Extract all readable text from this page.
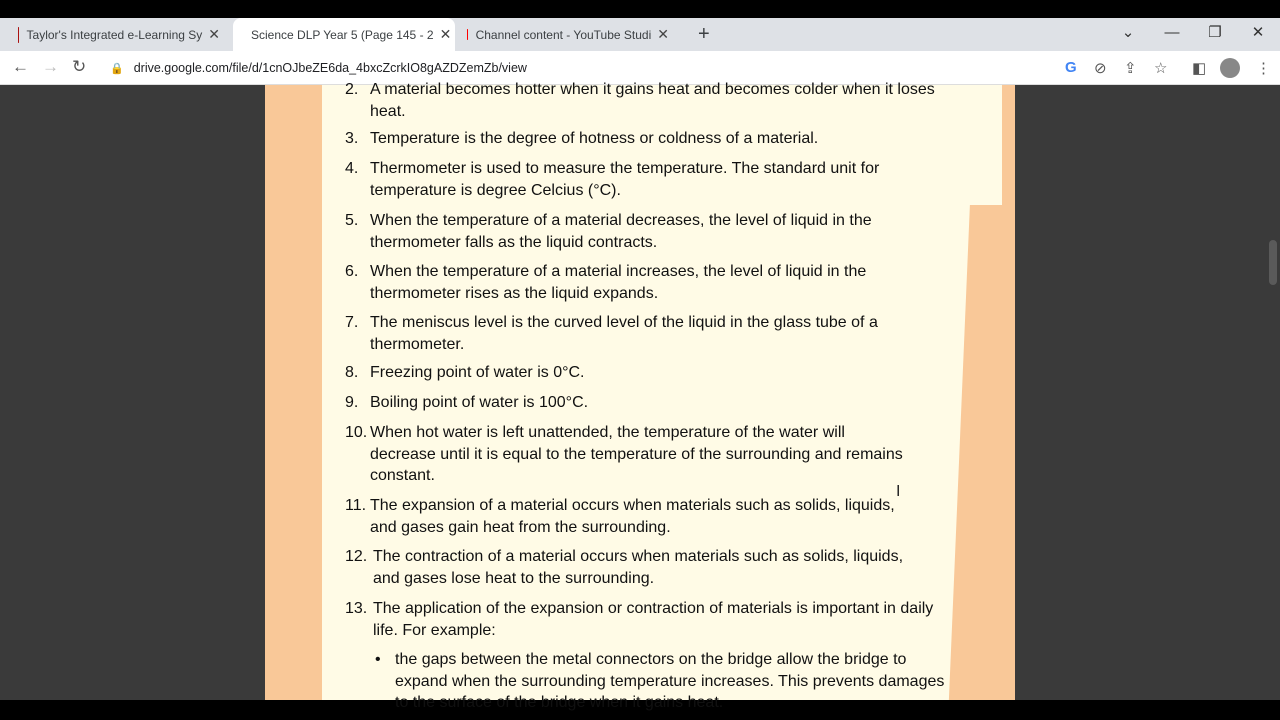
Taylor's Integrated e-Learning Sy ✕	Science DLP Year 5 (Page 145 - 2 ✕ Channel content - YouTube Studi ✕	+	⌄	—	❐	✕
← → ↻ 🔒 drive.google.com/file/d/1cnOJbeZE6da_4bxcZcrkIO8gAZDZemZb/view	G ⊘ ⇪ ☆ ◧	⋮
2. A material becomes hotter when it gains heat and becomes colder when it loses heat.
3. Temperature is the degree of hotness or coldness of a material.
4. Thermometer is used to measure the temperature. The standard unit for temperature is degree Celcius (°C).
5. When the temperature of a material decreases, the level of liquid in the thermometer falls as the liquid contracts.
6. When the temperature of a material increases, the level of liquid in the thermometer rises as the liquid expands.
7. The meniscus level is the curved level of the liquid in the glass tube of a thermometer.
8. Freezing point of water is 0°C.
9. Boiling point of water is 100°C.
10. When hot water is left unattended, the temperature of the water will decrease until it is equal to the temperature of the surrounding and remains constant.
11. The expansion of a material occurs when materials such as solids, liquids, and gases gain heat from the surrounding.
12. The contraction of a material occurs when materials such as solids, liquids, and gases lose heat to the surrounding.
13. The application of the expansion or contraction of materials is important in daily life. For example:
• the gaps between the metal connectors on the bridge allow the bridge to expand when the surrounding temperature increases. This prevents damages to the surface of the bridge when it gains heat.
I
